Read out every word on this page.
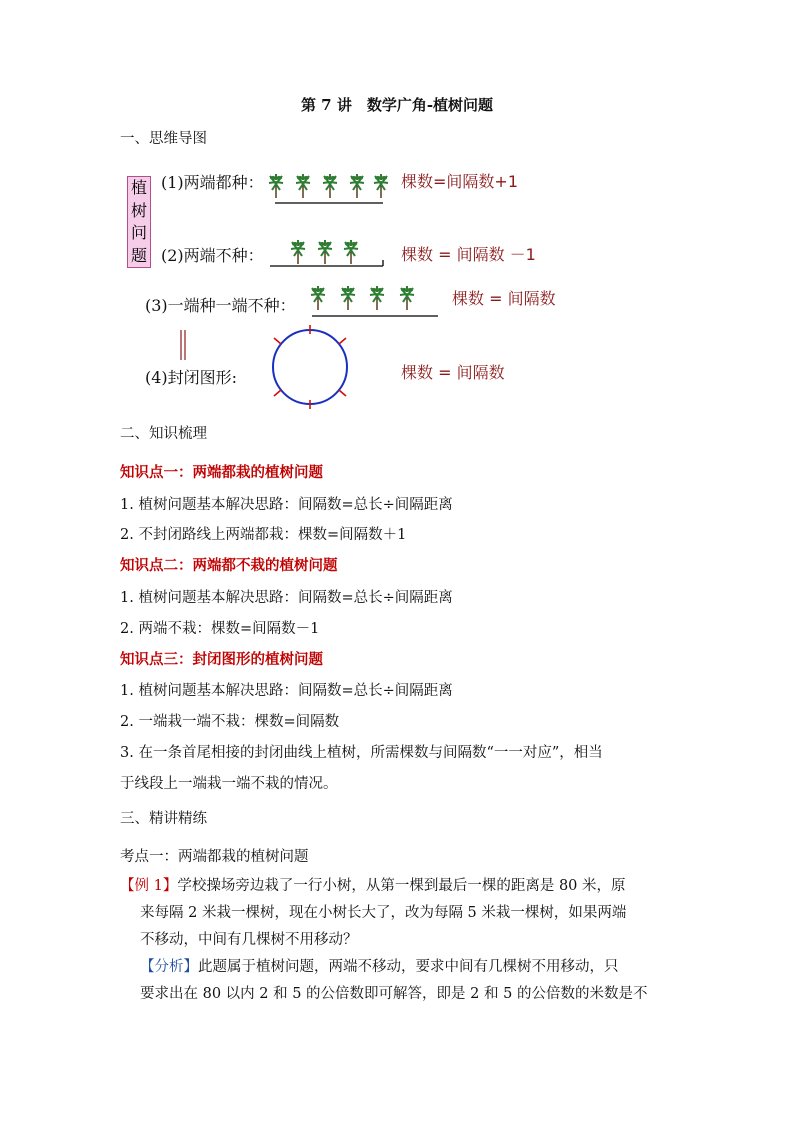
第 7 讲　数学广角-植树问题
一、思维导图
植
树
问
题
(1)两端都种：	棵数=间隔数+1
(2)两端不种：	棵数 = 间隔数 －1
(3)一端种一端不种：	棵数 = 间隔数
(4)封闭图形:	棵数 = 间隔数
二、知识梳理
知识点一：两端都栽的植树问题
1. 植树问题基本解决思路：间隔数=总长÷间隔距离
2. 不封闭路线上两端都栽：棵数=间隔数＋1
知识点二：两端都不栽的植树问题
1. 植树问题基本解决思路：间隔数=总长÷间隔距离
2. 两端不栽：棵数=间隔数－1
知识点三：封闭图形的植树问题
1. 植树问题基本解决思路：间隔数=总长÷间隔距离
2. 一端栽一端不栽：棵数=间隔数
3. 在一条首尾相接的封闭曲线上植树，所需棵数与间隔数“一一对应”，相当
于线段上一端栽一端不栽的情况。
三、精讲精练
考点一：两端都栽的植树问题
【例 1】学校操场旁边栽了一行小树，从第一棵到最后一棵的距离是 80 米，原
来每隔 2 米栽一棵树，现在小树长大了，改为每隔 5 米栽一棵树，如果两端
不移动，中间有几棵树不用移动？
【分析】此题属于植树问题，两端不移动，要求中间有几棵树不用移动，只
要求出在 80 以内 2 和 5 的公倍数即可解答，即是 2 和 5 的公倍数的米数是不
